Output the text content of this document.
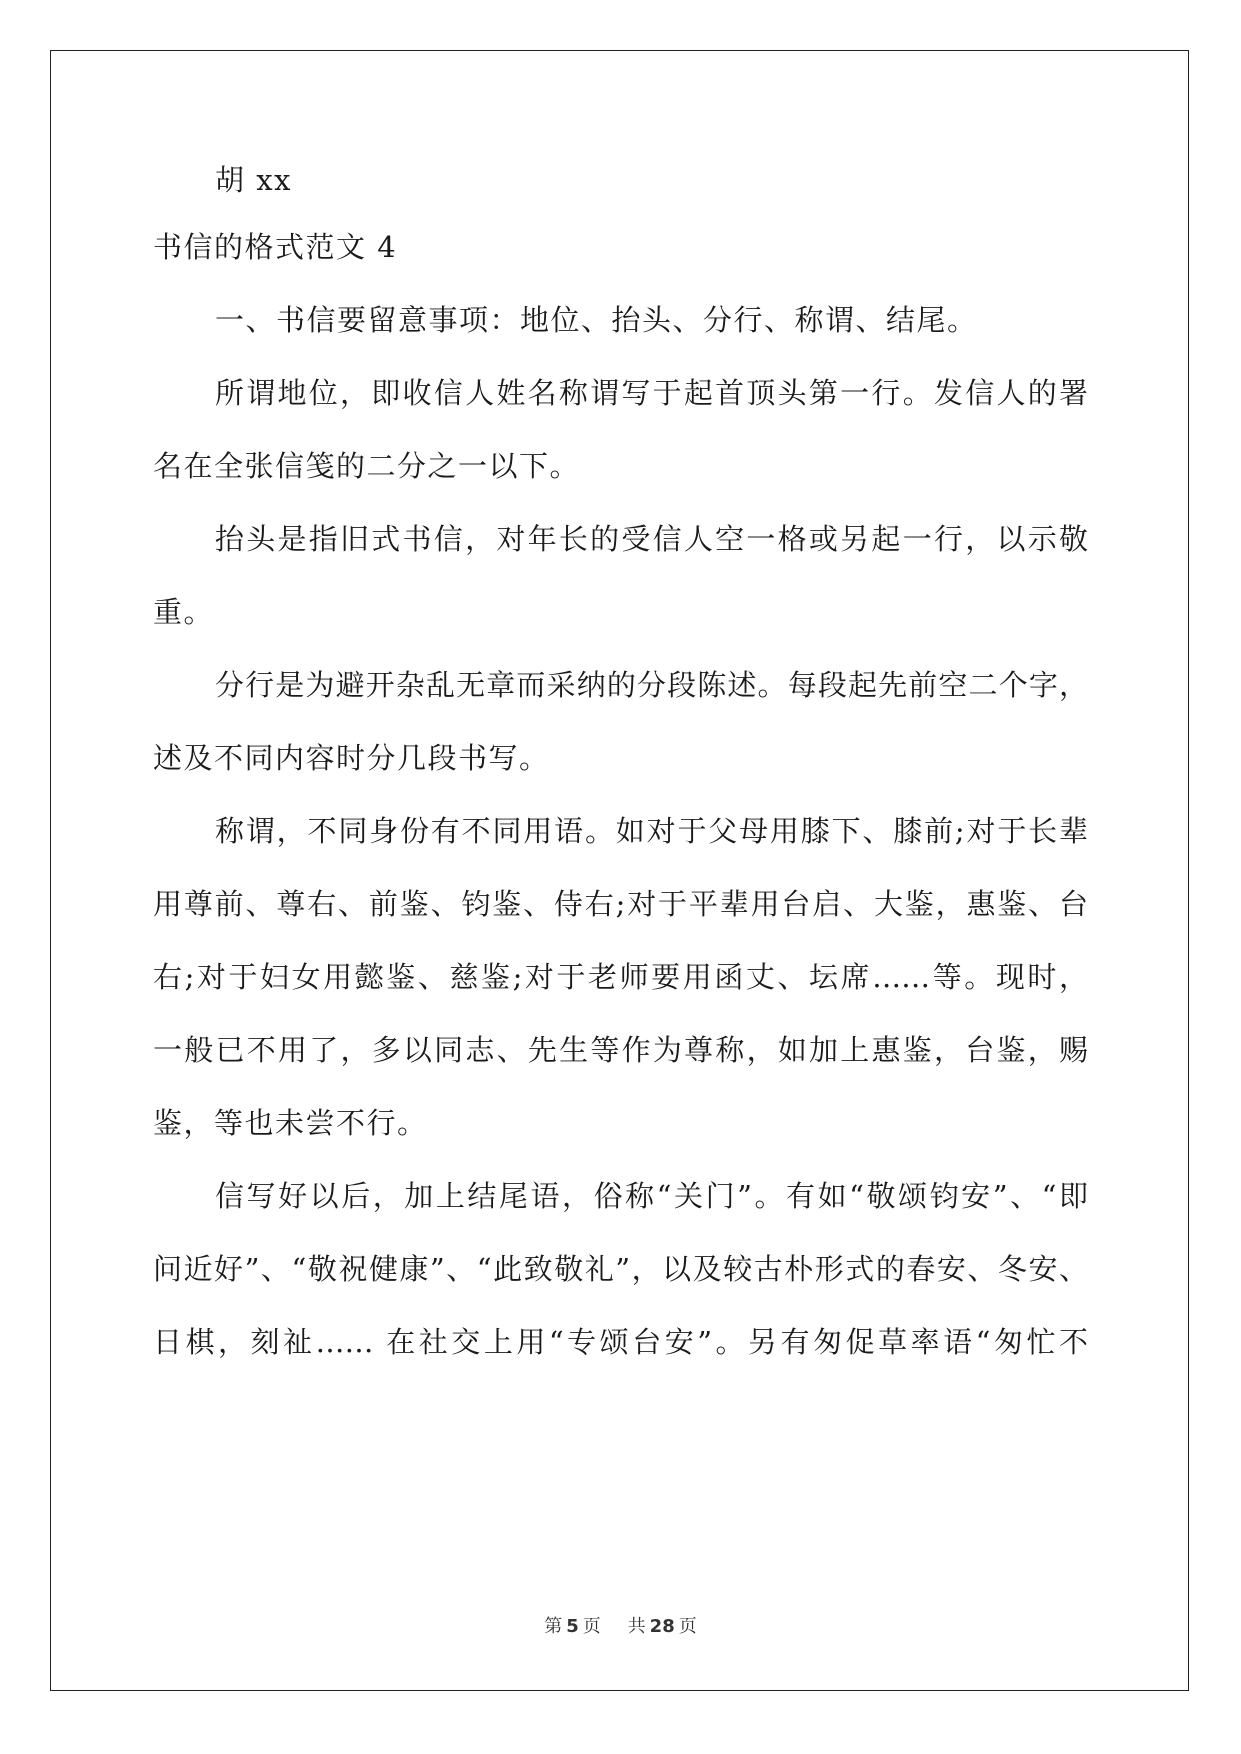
胡 xx
书信的格式范文 4
一、书信要留意事项：地位、抬头、分行、称谓、结尾。
所谓地位，即收信人姓名称谓写于起首顶头第一行。发信人的署
名在全张信笺的二分之一以下。
抬头是指旧式书信，对年长的受信人空一格或另起一行，以示敬
重。
分行是为避开杂乱无章而采纳的分段陈述。每段起先前空二个字，
述及不同内容时分几段书写。
称谓，不同身份有不同用语。如对于父母用膝下、膝前;对于长辈
用尊前、尊右、前鉴、钧鉴、侍右;对于平辈用台启、大鉴，惠鉴、台
右;对于妇女用懿鉴、慈鉴;对于老师要用函丈、坛席……等。现时，
一般已不用了，多以同志、先生等作为尊称，如加上惠鉴，台鉴，赐
鉴，等也未尝不行。
信写好以后，加上结尾语，俗称“关门”。有如“敬颂钧安”、“即
问近好”、“敬祝健康”、“此致敬礼”，以及较古朴形式的春安、冬安、
日棋，刻祉…… 在社交上用“专颂台安”。另有匆促草率语“匆忙不
第 5 页 共 28 页
